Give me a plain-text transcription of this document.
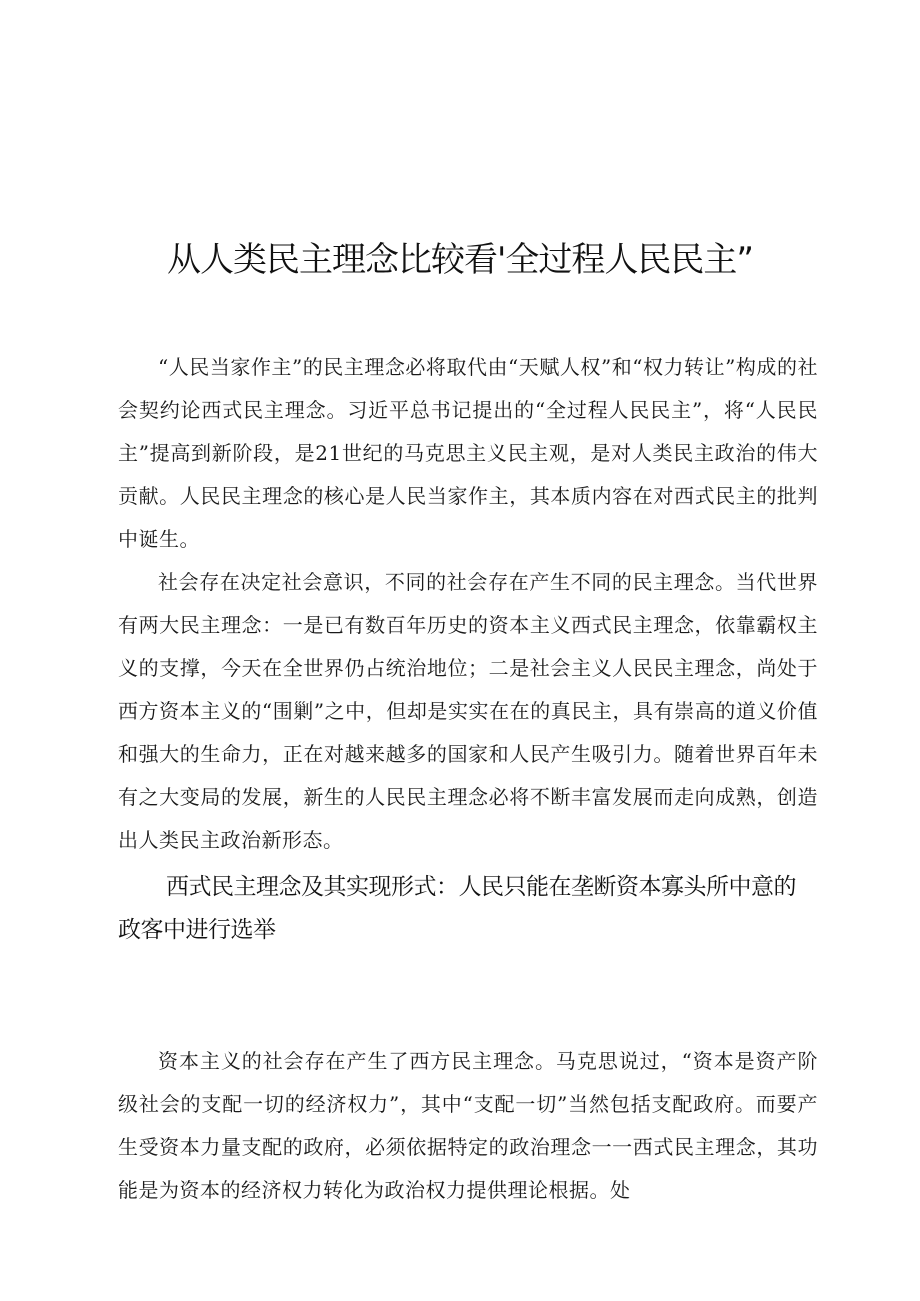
从人类民主理念比较看'全过程人民民主”

“人民当家作主”的民主理念必将取代由“天赋人权”和“权力转让”构成的社会契约论西式民主理念。习近平总书记提出的“全过程人民民主”，将“人民民主”提高到新阶段，是21世纪的马克思主义民主观，是对人类民主政治的伟大贡献。人民民主理念的核心是人民当家作主，其本质内容在对西式民主的批判中诞生。

社会存在决定社会意识，不同的社会存在产生不同的民主理念。当代世界有两大民主理念：一是已有数百年历史的资本主义西式民主理念，依靠霸权主义的支撑，今天在全世界仍占统治地位；二是社会主义人民民主理念，尚处于西方资本主义的“围剿”之中，但却是实实在在的真民主，具有崇高的道义价值和强大的生命力，正在对越来越多的国家和人民产生吸引力。随着世界百年未有之大变局的发展，新生的人民民主理念必将不断丰富发展而走向成熟，创造出人类民主政治新形态。

西式民主理念及其实现形式：人民只能在垄断资本寡头所中意的政客中进行选举

资本主义的社会存在产生了西方民主理念。马克思说过，“资本是资产阶级社会的支配一切的经济权力”，其中“支配一切”当然包括支配政府。而要产生受资本力量支配的政府，必须依据特定的政治理念一一西式民主理念，其功能是为资本的经济权力转化为政治权力提供理论根据。处
